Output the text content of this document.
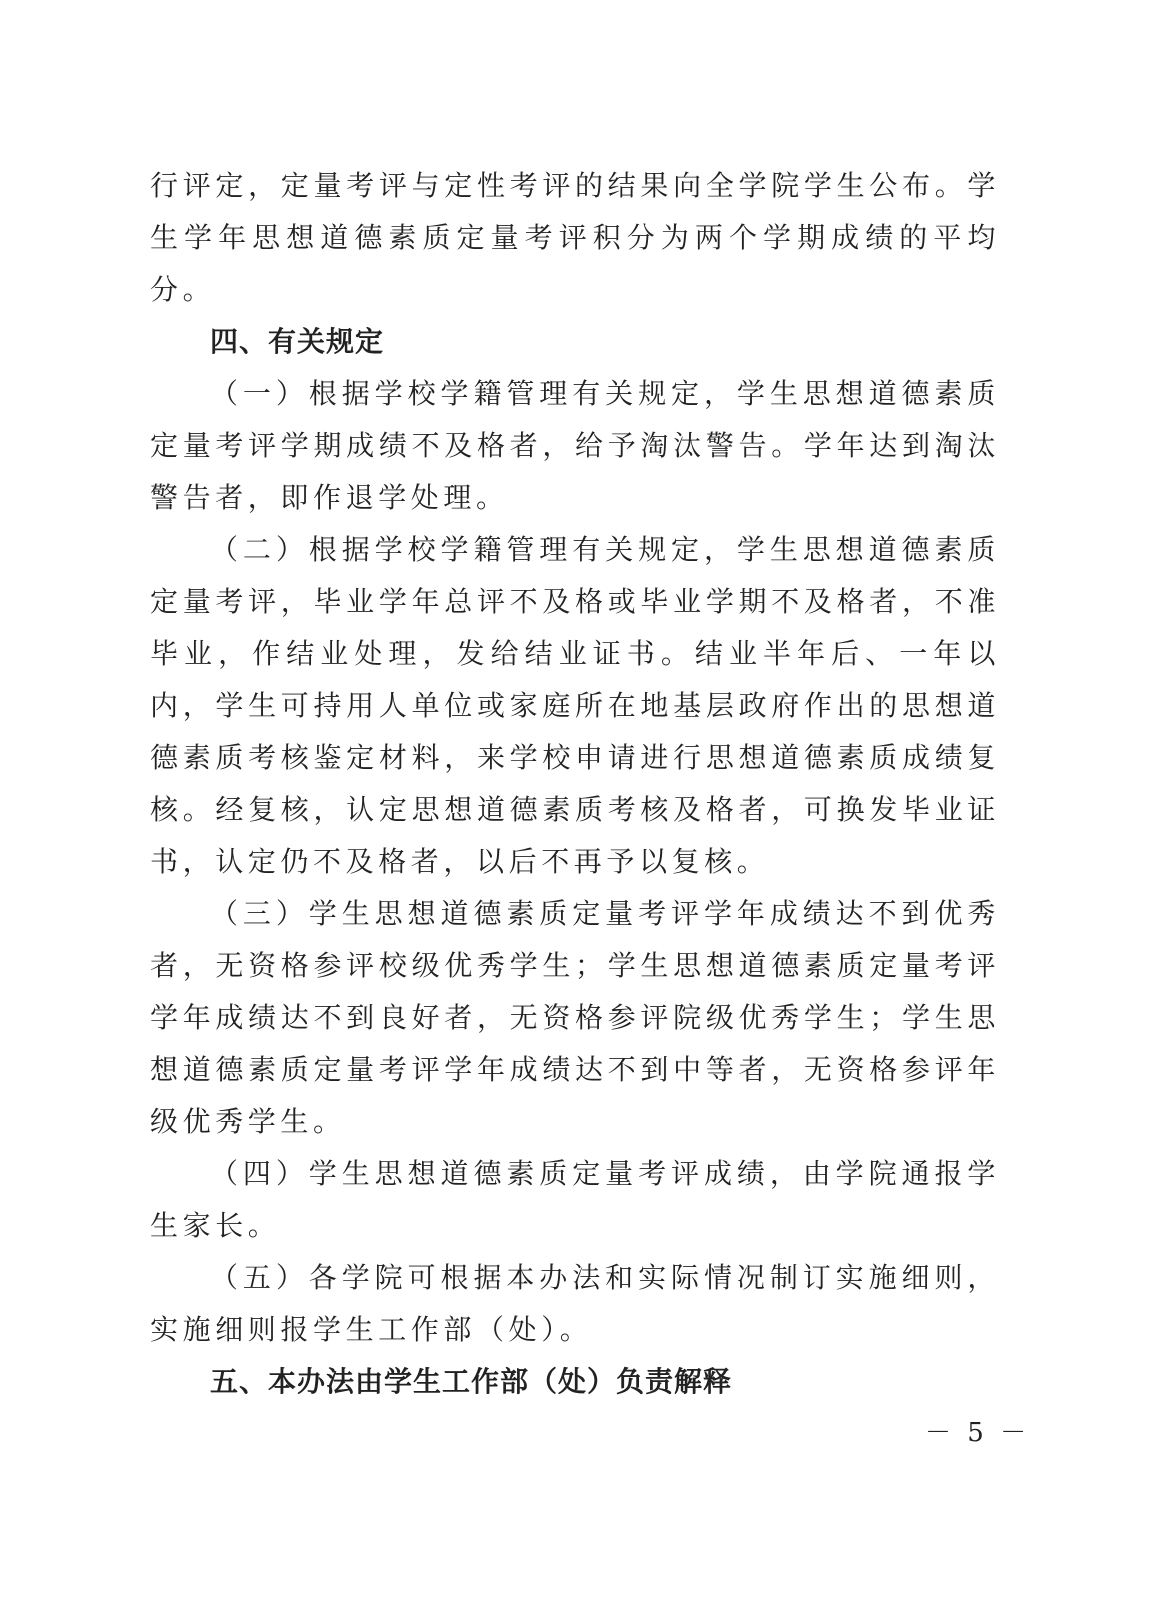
行评定，定量考评与定性考评的结果向全学院学生公布。学生学年思想道德素质定量考评积分为两个学期成绩的平均分。

四、有关规定

（一）根据学校学籍管理有关规定，学生思想道德素质定量考评学期成绩不及格者，给予淘汰警告。学年达到淘汰警告者，即作退学处理。

（二）根据学校学籍管理有关规定，学生思想道德素质定量考评，毕业学年总评不及格或毕业学期不及格者，不准毕业，作结业处理，发给结业证书。结业半年后、一年以内，学生可持用人单位或家庭所在地基层政府作出的思想道德素质考核鉴定材料，来学校申请进行思想道德素质成绩复核。经复核，认定思想道德素质考核及格者，可换发毕业证书，认定仍不及格者，以后不再予以复核。

（三）学生思想道德素质定量考评学年成绩达不到优秀者，无资格参评校级优秀学生；学生思想道德素质定量考评学年成绩达不到良好者，无资格参评院级优秀学生；学生思想道德素质定量考评学年成绩达不到中等者，无资格参评年级优秀学生。

（四）学生思想道德素质定量考评成绩，由学院通报学生家长。

（五）各学院可根据本办法和实际情况制订实施细则，实施细则报学生工作部（处）。

五、本办法由学生工作部（处）负责解释

－ 5 －
